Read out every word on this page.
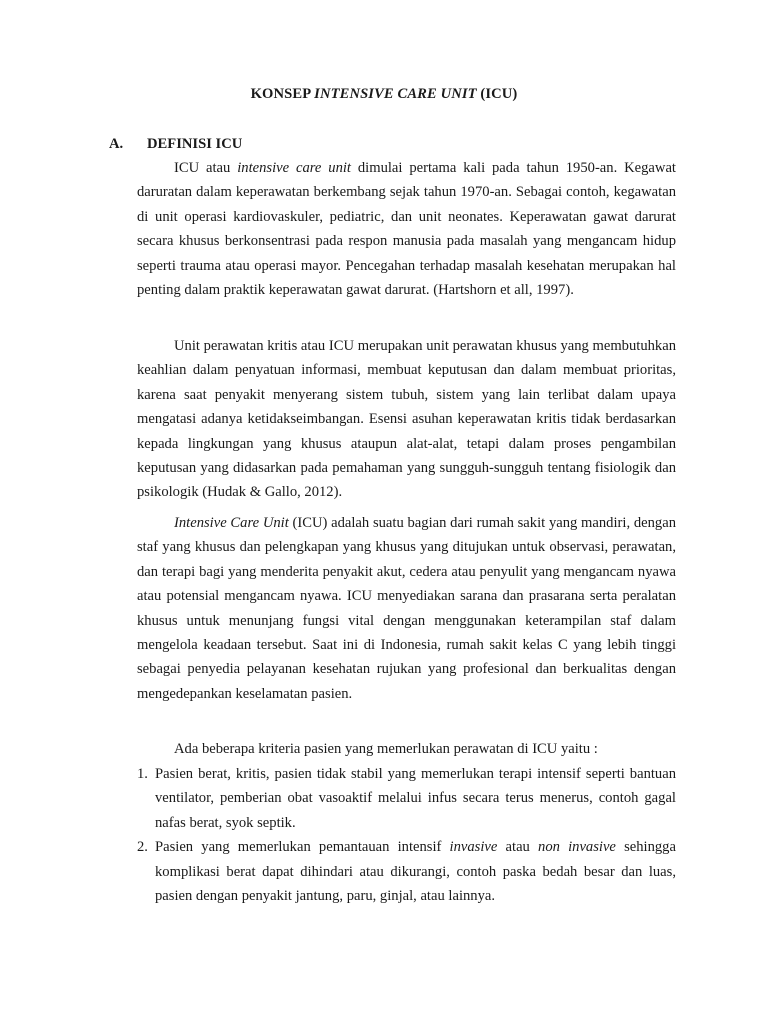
KONSEP INTENSIVE CARE UNIT (ICU)
A. DEFINISI ICU

ICU atau intensive care unit dimulai pertama kali pada tahun 1950-an. Kegawat daruratan dalam keperawatan berkembang sejak tahun 1970-an. Sebagai contoh, kegawatan di unit operasi kardiovaskuler, pediatric, dan unit neonates. Keperawatan gawat darurat secara khusus berkonsentrasi pada respon manusia pada masalah yang mengancam hidup seperti trauma atau operasi mayor. Pencegahan terhadap masalah kesehatan merupakan hal penting dalam praktik keperawatan gawat darurat. (Hartshorn et all, 1997).

Unit perawatan kritis atau ICU merupakan unit perawatan khusus yang membutuhkan keahlian dalam penyatuan informasi, membuat keputusan dan dalam membuat prioritas, karena saat penyakit menyerang sistem tubuh, sistem yang lain terlibat dalam upaya mengatasi adanya ketidakseimbangan. Esensi asuhan keperawatan kritis tidak berdasarkan kepada lingkungan yang khusus ataupun alat-alat, tetapi dalam proses pengambilan keputusan yang didasarkan pada pemahaman yang sungguh-sungguh tentang fisiologik dan psikologik (Hudak & Gallo, 2012).

Intensive Care Unit (ICU) adalah suatu bagian dari rumah sakit yang mandiri, dengan staf yang khusus dan pelengkapan yang khusus yang ditujukan untuk observasi, perawatan, dan terapi bagi yang menderita penyakit akut, cedera atau penyulit yang mengancam nyawa atau potensial mengancam nyawa. ICU menyediakan sarana dan prasarana serta peralatan khusus untuk menunjang fungsi vital dengan menggunakan keterampilan staf dalam mengelola keadaan tersebut. Saat ini di Indonesia, rumah sakit kelas C yang lebih tinggi sebagai penyedia pelayanan kesehatan rujukan yang profesional dan berkualitas dengan mengedepankan keselamatan pasien.

Ada beberapa kriteria pasien yang memerlukan perawatan di ICU yaitu :

1. Pasien berat, kritis, pasien tidak stabil yang memerlukan terapi intensif seperti bantuan ventilator, pemberian obat vasoaktif melalui infus secara terus menerus, contoh gagal nafas berat, syok septik.
2. Pasien yang memerlukan pemantauan intensif invasive atau non invasive sehingga komplikasi berat dapat dihindari atau dikurangi, contoh paska bedah besar dan luas, pasien dengan penyakit jantung, paru, ginjal, atau lainnya.
